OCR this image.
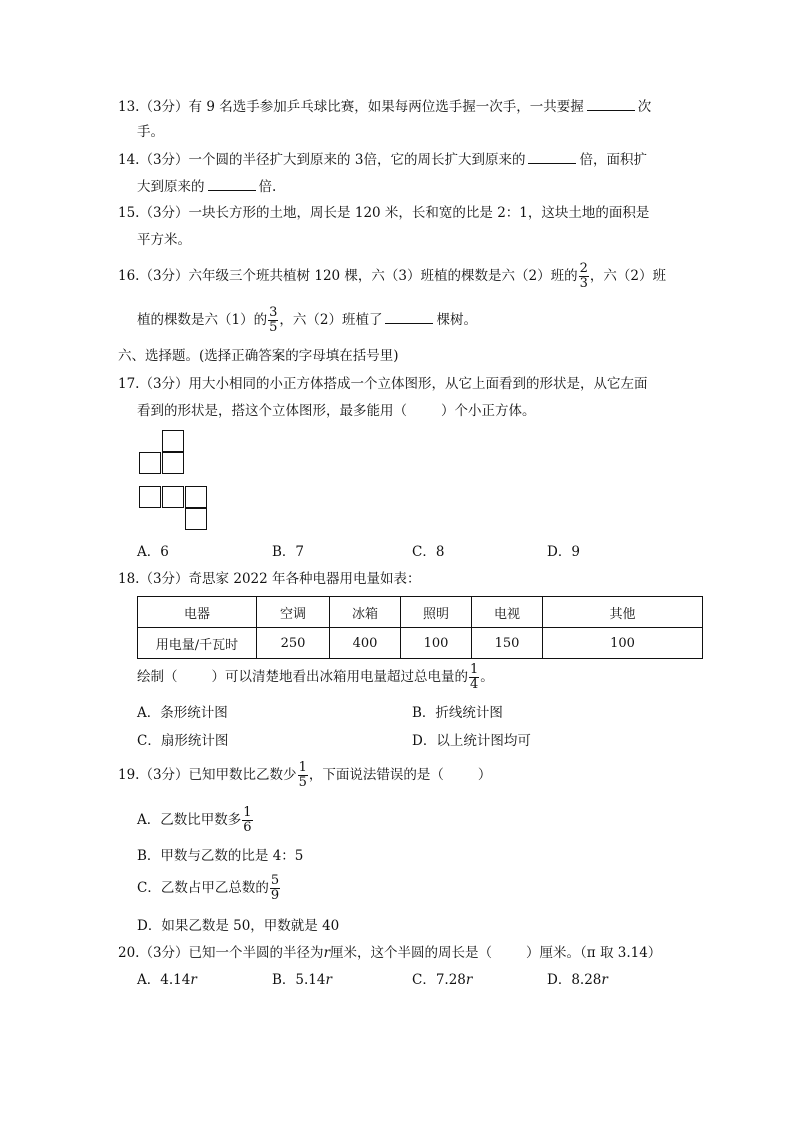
13.（3分）有 9 名选手参加乒乓球比赛，如果每两位选手握一次手，一共要握	次
手。
14.（3分）一个圆的半径扩大到原来的 3倍，它的周长扩大到原来的	倍，面积扩
大到原来的	倍.
15.（3分）一块长方形的土地，周长是 120 米，长和宽的比是 2：1，这块土地的面积是
平方米。
16.（3分）六年级三个班共植树 120 棵，六（3）班植的棵数是六（2）班的 $\frac{2}{3}$ ，六（2）班
植的棵数是六（1）的 $\frac{3}{5}$ ，六（2）班植了	棵树。
六、选择题。(选择正确答案的字母填在括号里)
17.（3分）用大小相同的小正方体搭成一个立体图形，从它上面看到的形状是，从它左面
看到的形状是，搭这个立体图形，最多能用（	）个小正方体。
A．6	B．7	C．8	D．9
18.（3分）奇思家 2022 年各种电器用电量如表：
电器	空调	冰箱	照明	电视	其他
用电量/千瓦时	250	400	100	150	100
绘制（	）可以清楚地看出冰箱用电量超过总电量的 $\frac{1}{4}$ 。
A．条形统计图	B．折线统计图
C．扇形统计图	D．以上统计图均可
19.（3分）已知甲数比乙数少 $\frac{1}{5}$ ，下面说法错误的是（	）
A．乙数比甲数多 $\frac{1}{6}$
B．甲数与乙数的比是 4：5
C．乙数占甲乙总数的 $\frac{5}{9}$
D．如果乙数是 50，甲数就是 40
20.（3分）已知一个半圆的半径为r厘米，这个半圆的周长是（	）厘米。（π 取 3.14）
A．4.14r	B．5.14r	C．7.28r	D．8.28r
